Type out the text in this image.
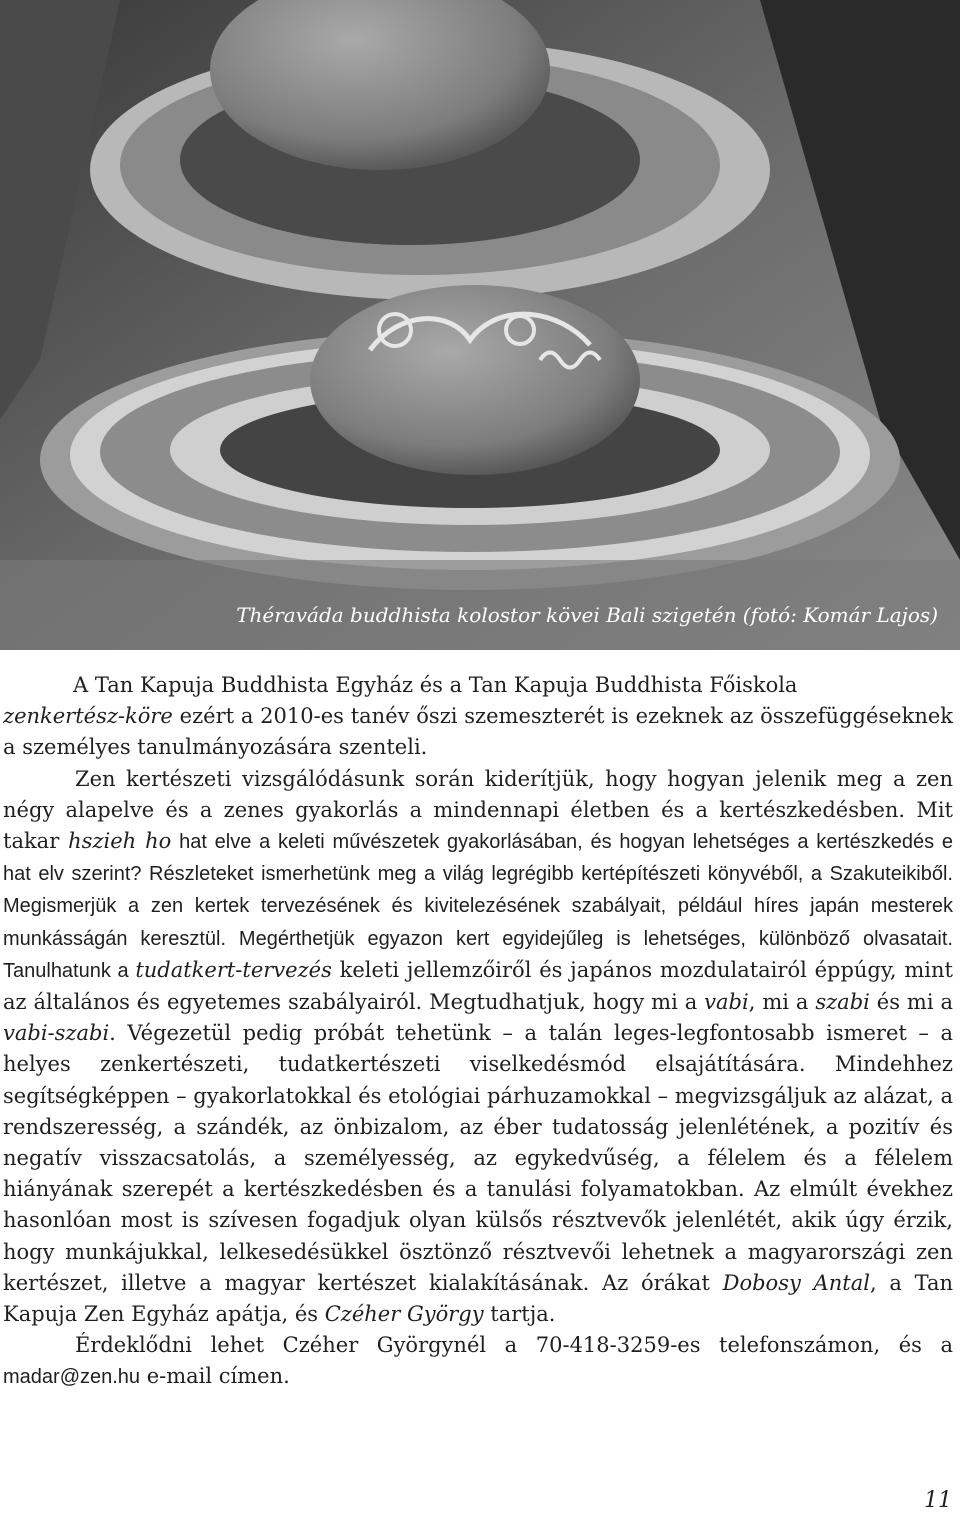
Théraváda buddhista kolostor kövei Bali szigetén (fotó: Komár Lajos)

A Tan Kapuja Buddhista Egyház és a Tan Kapuja Buddhista Főiskola
zenkertész-köre ezért a 2010-es tanév őszi szemeszterét is ezeknek az összefüggéseknek a személyes tanulmányozására szenteli.

Zen kertészeti vizsgálódásunk során kiderítjük, hogy hogyan jelenik meg a zen négy alapelve és a zenes gyakorlás a mindennapi életben és a kertészkedésben. Mit takar hszieh ho hat elve a keleti művészetek gyakorlásában, és hogyan lehetséges a kertészkedés e hat elv szerint? Részleteket ismerhetünk meg a világ legrégibb kertépítészeti könyvéből, a Szakuteikiből. Megismerjük a zen kertek tervezésének és kivitelezésének szabályait, például híres japán mesterek munkásságán keresztül. Megérthetjük egyazon kert egyidejűleg is lehetséges, különböző olvasatait. Tanulhatunk a tudatkert-tervezés keleti jellemzőiről és japános mozdulatairól éppúgy, mint az általános és egyetemes szabályairól. Megtudhatjuk, hogy mi a vabi, mi a szabi és mi a vabi-szabi. Végezetül pedig próbát tehetünk – a talán leges-legfontosabb ismeret – a helyes zenkertészeti, tudatkertészeti viselkedésmód elsajátítására. Mindehhez segítségképpen – gyakorlatokkal és etológiai párhuzamokkal – megvizsgáljuk az alázat, a rendszeresség, a szándék, az önbizalom, az éber tudatosság jelenlétének, a pozitív és negatív visszacsatolás, a személyesség, az egykedvűség, a félelem és a félelem hiányának szerepét a kertészkedésben és a tanulási folyamatokban. Az elmúlt évekhez hasonlóan most is szívesen fogadjuk olyan külsős résztvevők jelenlétét, akik úgy érzik, hogy munkájukkal, lelkesedésükkel ösztönző résztvevői lehetnek a magyarországi zen kertészet, illetve a magyar kertészet kialakításának. Az órákat Dobosy Antal, a Tan Kapuja Zen Egyház apátja, és Czéher György tartja.

Érdeklődni lehet Czéher Györgynél a 70-418-3259-es telefonszámon, és a madar@zen.hu e-mail címen.

11
